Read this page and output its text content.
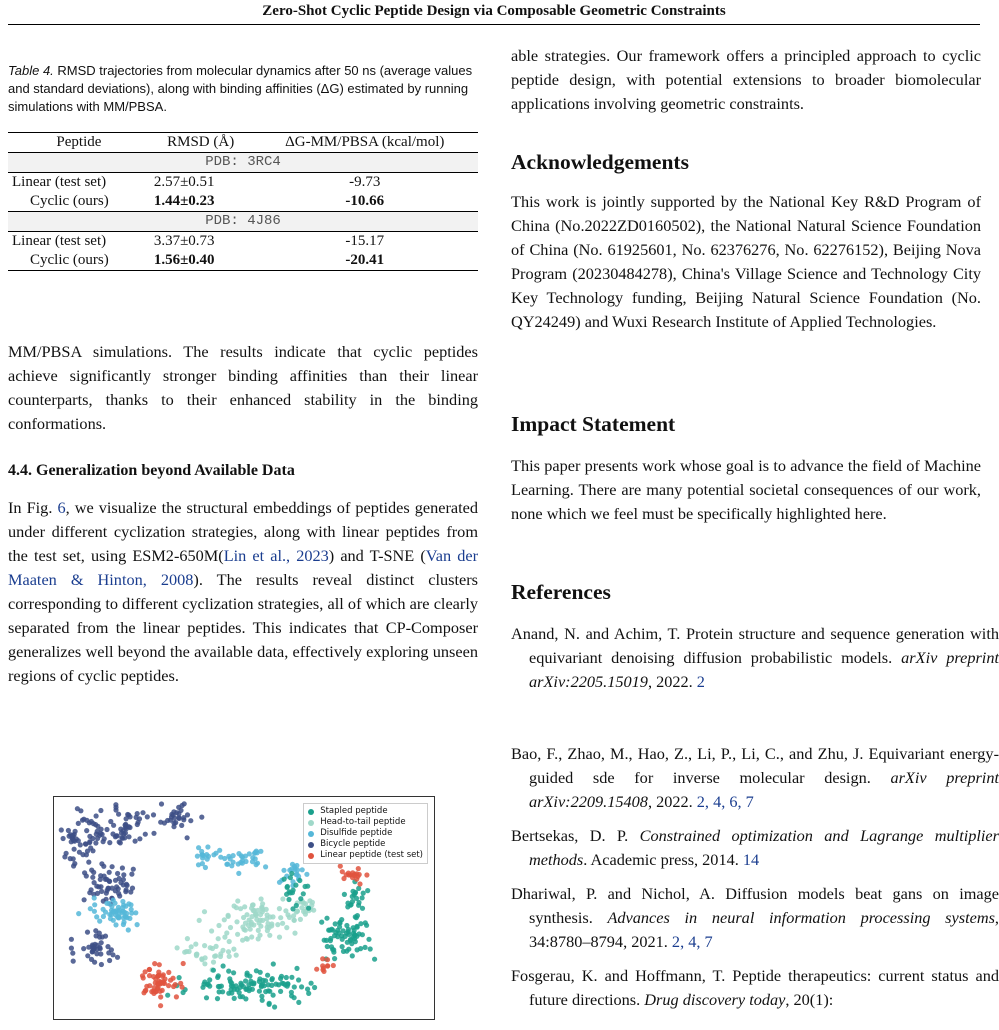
Zero-Shot Cyclic Peptide Design via Composable Geometric Constraints
Table 4. RMSD trajectories from molecular dynamics after 50 ns (average values and standard deviations), along with binding affinities (ΔG) estimated by running simulations with MM/PBSA.
Peptide	RMSD (Å)	ΔG-MM/PBSA (kcal/mol)
PDB: 3RC4		
Linear (test set)	2.57±0.51	-9.73
Cyclic (ours)	1.44±0.23	-10.66
PDB: 4J86		
Linear (test set)	3.37±0.73	-15.17
Cyclic (ours)	1.56±0.40	-20.41
MM/PBSA simulations. The results indicate that cyclic peptides achieve significantly stronger binding affinities than their linear counterparts, thanks to their enhanced stability in the binding conformations.
4.4. Generalization beyond Available Data
In Fig. 6, we visualize the structural embeddings of peptides generated under different cyclization strategies, along with linear peptides from the test set, using ESM2-650M(Lin et al., 2023) and T-SNE (Van der Maaten & Hinton, 2008). The results reveal distinct clusters corresponding to different cyclization strategies, all of which are clearly separated from the linear peptides. This indicates that CP-Composer generalizes well beyond the available data, effectively exploring unseen regions of cyclic peptides.
Stapled peptide
Head-to-tail peptide
Disulfide peptide
Bicycle peptide
Linear peptide (test set)
able strategies. Our framework offers a principled approach to cyclic peptide design, with potential extensions to broader biomolecular applications involving geometric constraints.
Acknowledgements
This work is jointly supported by the National Key R&D Program of China (No.2022ZD0160502), the National Natural Science Foundation of China (No. 61925601, No. 62376276, No. 62276152), Beijing Nova Program (20230484278), China's Village Science and Technology City Key Technology funding, Beijing Natural Science Foundation (No. QY24249) and Wuxi Research Institute of Applied Technologies.
Impact Statement
This paper presents work whose goal is to advance the field of Machine Learning. There are many potential societal consequences of our work, none which we feel must be specifically highlighted here.
References
Anand, N. and Achim, T. Protein structure and sequence generation with equivariant denoising diffusion probabilistic models. arXiv preprint arXiv:2205.15019, 2022. 2
Bao, F., Zhao, M., Hao, Z., Li, P., Li, C., and Zhu, J. Equivariant energy-guided sde for inverse molecular design. arXiv preprint arXiv:2209.15408, 2022. 2, 4, 6, 7
Bertsekas, D. P. Constrained optimization and Lagrange multiplier methods. Academic press, 2014. 14
Dhariwal, P. and Nichol, A. Diffusion models beat gans on image synthesis. Advances in neural information processing systems, 34:8780–8794, 2021. 2, 4, 7
Fosgerau, K. and Hoffmann, T. Peptide therapeutics: current status and future directions. Drug discovery today, 20(1):
